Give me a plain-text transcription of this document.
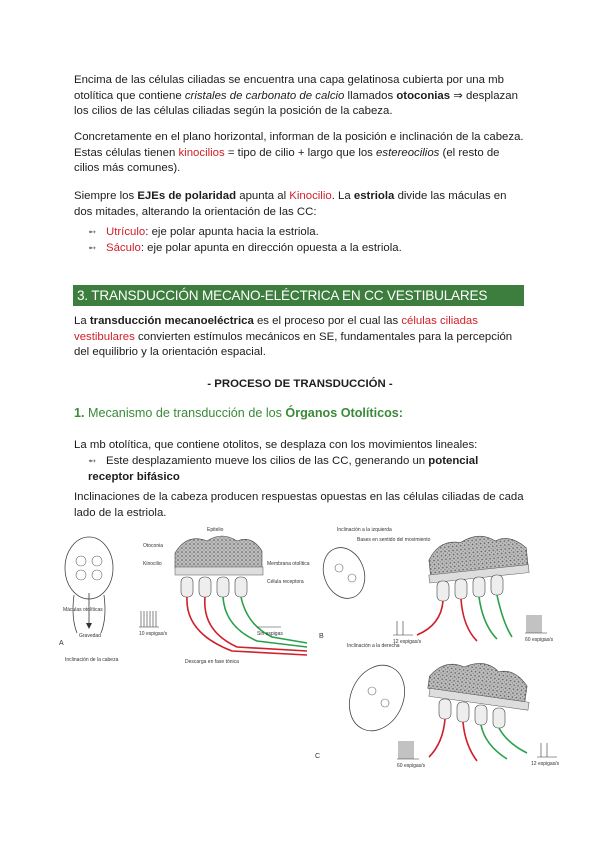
Encima de las células ciliadas se encuentra una capa gelatinosa cubierta por una mb otolítica que contiene cristales de carbonato de calcio llamados otoconias ⇒ desplazan los cilios de las células ciliadas según la posición de la cabeza.

Concretamente en el plano horizontal, informan de la posición e inclinación de la cabeza. Estas células tienen kinocilios = tipo de cilio + largo que los estereocilios (el resto de cilios más comunes).

Siempre los EJEs de polaridad apunta al Kinocilio. La estriola divide las máculas en dos mitades, alterando la orientación de las CC:

➻ Utrículo: eje polar apunta hacia la estriola.

➻ Sáculo: eje polar apunta en dirección opuesta a la estriola.

3. TRANSDUCCIÓN MECANO-ELÉCTRICA EN CC VESTIBULARES

La transducción mecanoeléctrica es el proceso por el cual las células ciliadas vestibulares convierten estímulos mecánicos en SE, fundamentales para la percepción del equilibrio y la orientación espacial.

- PROCESO DE TRANSDUCCIÓN -
1. Mecanismo de transducción de los Órganos Otolíticos:

La mb otolítica, que contiene otolitos, se desplaza con los movimientos lineales:

➻ Este desplazamiento mueve los cilios de las CC, generando un potencial receptor bifásico

Inclinaciones de la cabeza producen respuestas opuestas en las células ciliadas de cada lado de la estriola.

Máculas otolíticas
Gravedad
A
Inclinación de la cabeza
Epitelio
Otoconia
Kinocilio	Membrana otolítica
Célula receptora
10 espigas/s	Sin espigas
Descarga en fase tónica
B
Inclinación a la izquierda
Bases en sentido del movimiento
12 espigas/s	60 espigas/s
Inclinación a la derecha
C
60 espigas/s	12 espigas/s
